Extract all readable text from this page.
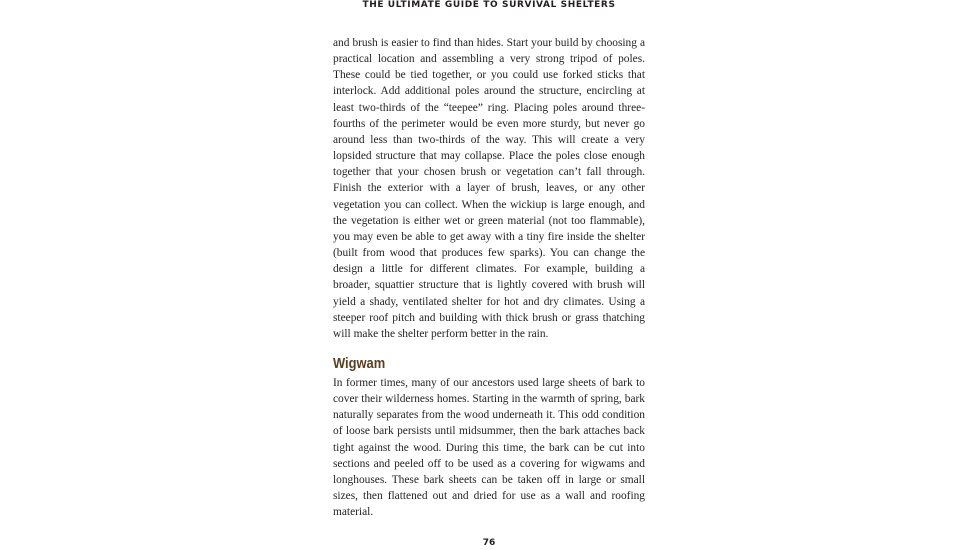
THE ULTIMATE GUIDE TO SURVIVAL SHELTERS

and brush is easier to find than hides. Start your build by choosing a practical location and assembling a very strong tripod of poles. These could be tied together, or you could use forked sticks that interlock. Add additional poles around the structure, encircling at least two-thirds of the “teepee” ring. Placing poles around three-fourths of the perimeter would be even more sturdy, but never go around less than two-thirds of the way. This will create a very lopsided structure that may collapse. Place the poles close enough together that your chosen brush or vegetation can’t fall through. Finish the exterior with a layer of brush, leaves, or any other vegetation you can collect. When the wickiup is large enough, and the vegetation is either wet or green material (not too flammable), you may even be able to get away with a tiny fire inside the shelter (built from wood that produces few sparks). You can change the design a little for different climates. For example, building a broader, squattier structure that is lightly covered with brush will yield a shady, ventilated shelter for hot and dry climates. Using a steeper roof pitch and building with thick brush or grass thatching will make the shelter perform better in the rain.

Wigwam

In former times, many of our ancestors used large sheets of bark to cover their wilderness homes. Starting in the warmth of spring, bark naturally separates from the wood underneath it. This odd condition of loose bark persists until midsummer, then the bark attaches back tight against the wood. During this time, the bark can be cut into sections and peeled off to be used as a covering for wigwams and longhouses. These bark sheets can be taken off in large or small sizes, then flattened out and dried for use as a wall and roofing material.

76
